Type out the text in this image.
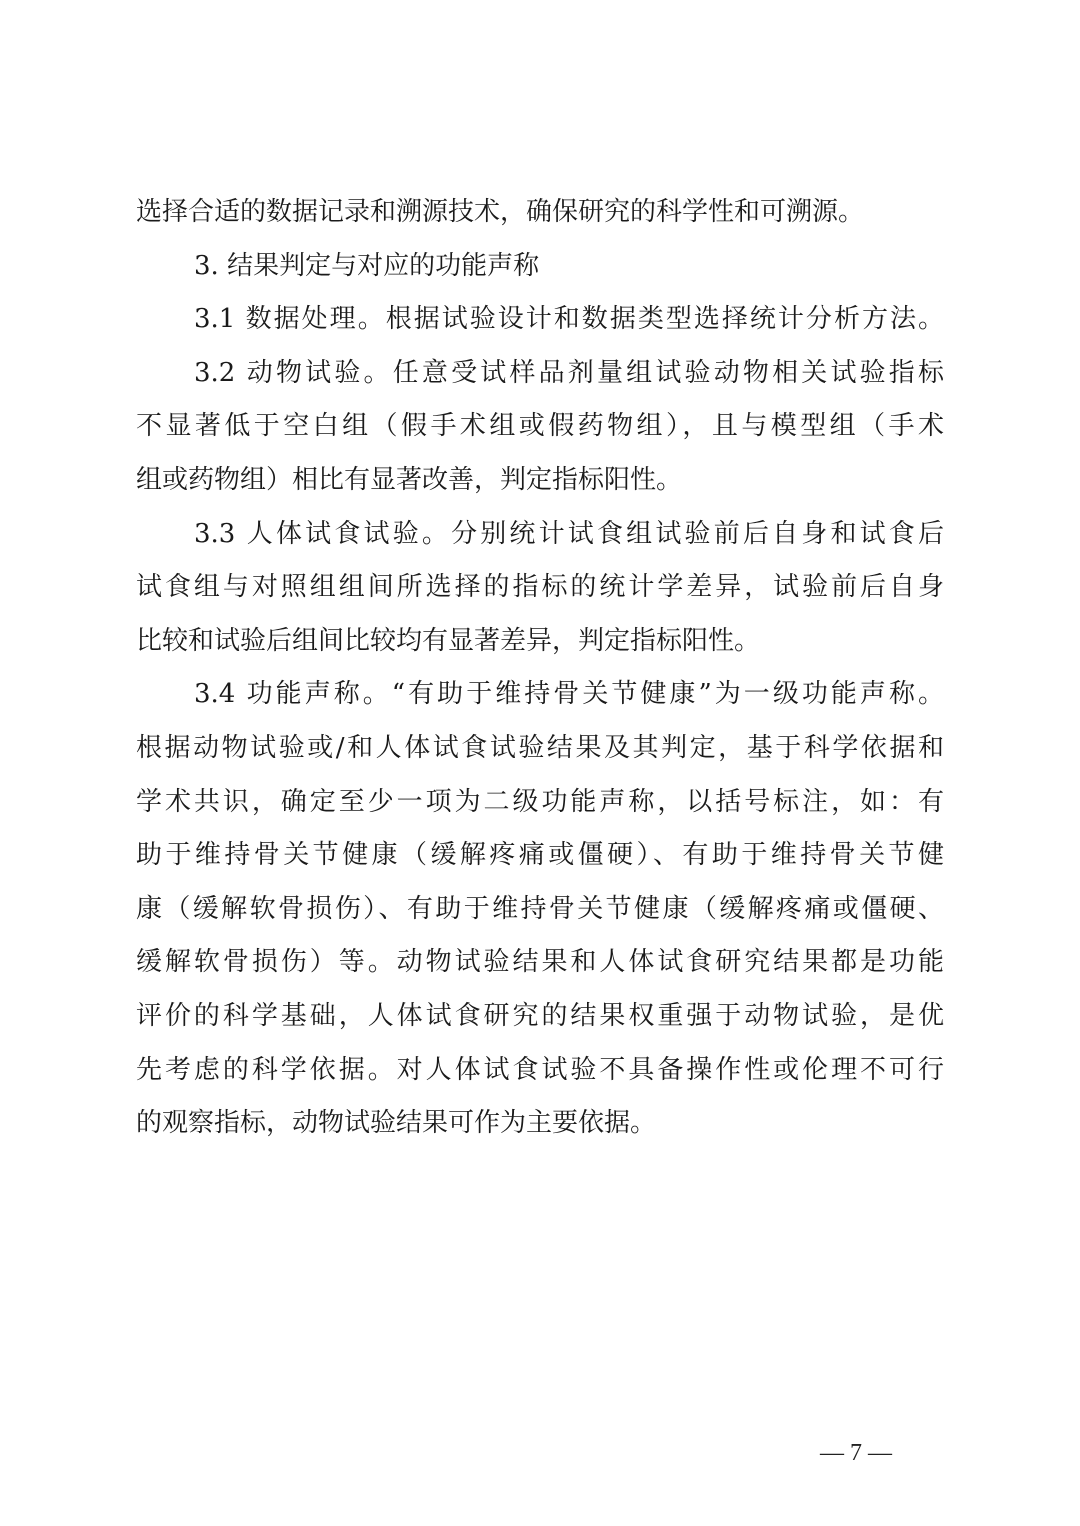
选择合适的数据记录和溯源技术，确保研究的科学性和可溯源。
3. 结果判定与对应的功能声称
3.1 数据处理。根据试验设计和数据类型选择统计分析方法。
3.2 动物试验。任意受试样品剂量组试验动物相关试验指标
不显著低于空白组（假手术组或假药物组），且与模型组（手术
组或药物组）相比有显著改善，判定指标阳性。
3.3 人体试食试验。分别统计试食组试验前后自身和试食后
试食组与对照组组间所选择的指标的统计学差异，试验前后自身
比较和试验后组间比较均有显著差异，判定指标阳性。
3.4 功能声称。“有助于维持骨关节健康”为一级功能声称。
根据动物试验或/和人体试食试验结果及其判定，基于科学依据和
学术共识，确定至少一项为二级功能声称，以括号标注，如：有
助于维持骨关节健康（缓解疼痛或僵硬）、有助于维持骨关节健
康（缓解软骨损伤）、有助于维持骨关节健康（缓解疼痛或僵硬、
缓解软骨损伤）等。动物试验结果和人体试食研究结果都是功能
评价的科学基础，人体试食研究的结果权重强于动物试验，是优
先考虑的科学依据。对人体试食试验不具备操作性或伦理不可行
的观察指标，动物试验结果可作为主要依据。
— 7 —
